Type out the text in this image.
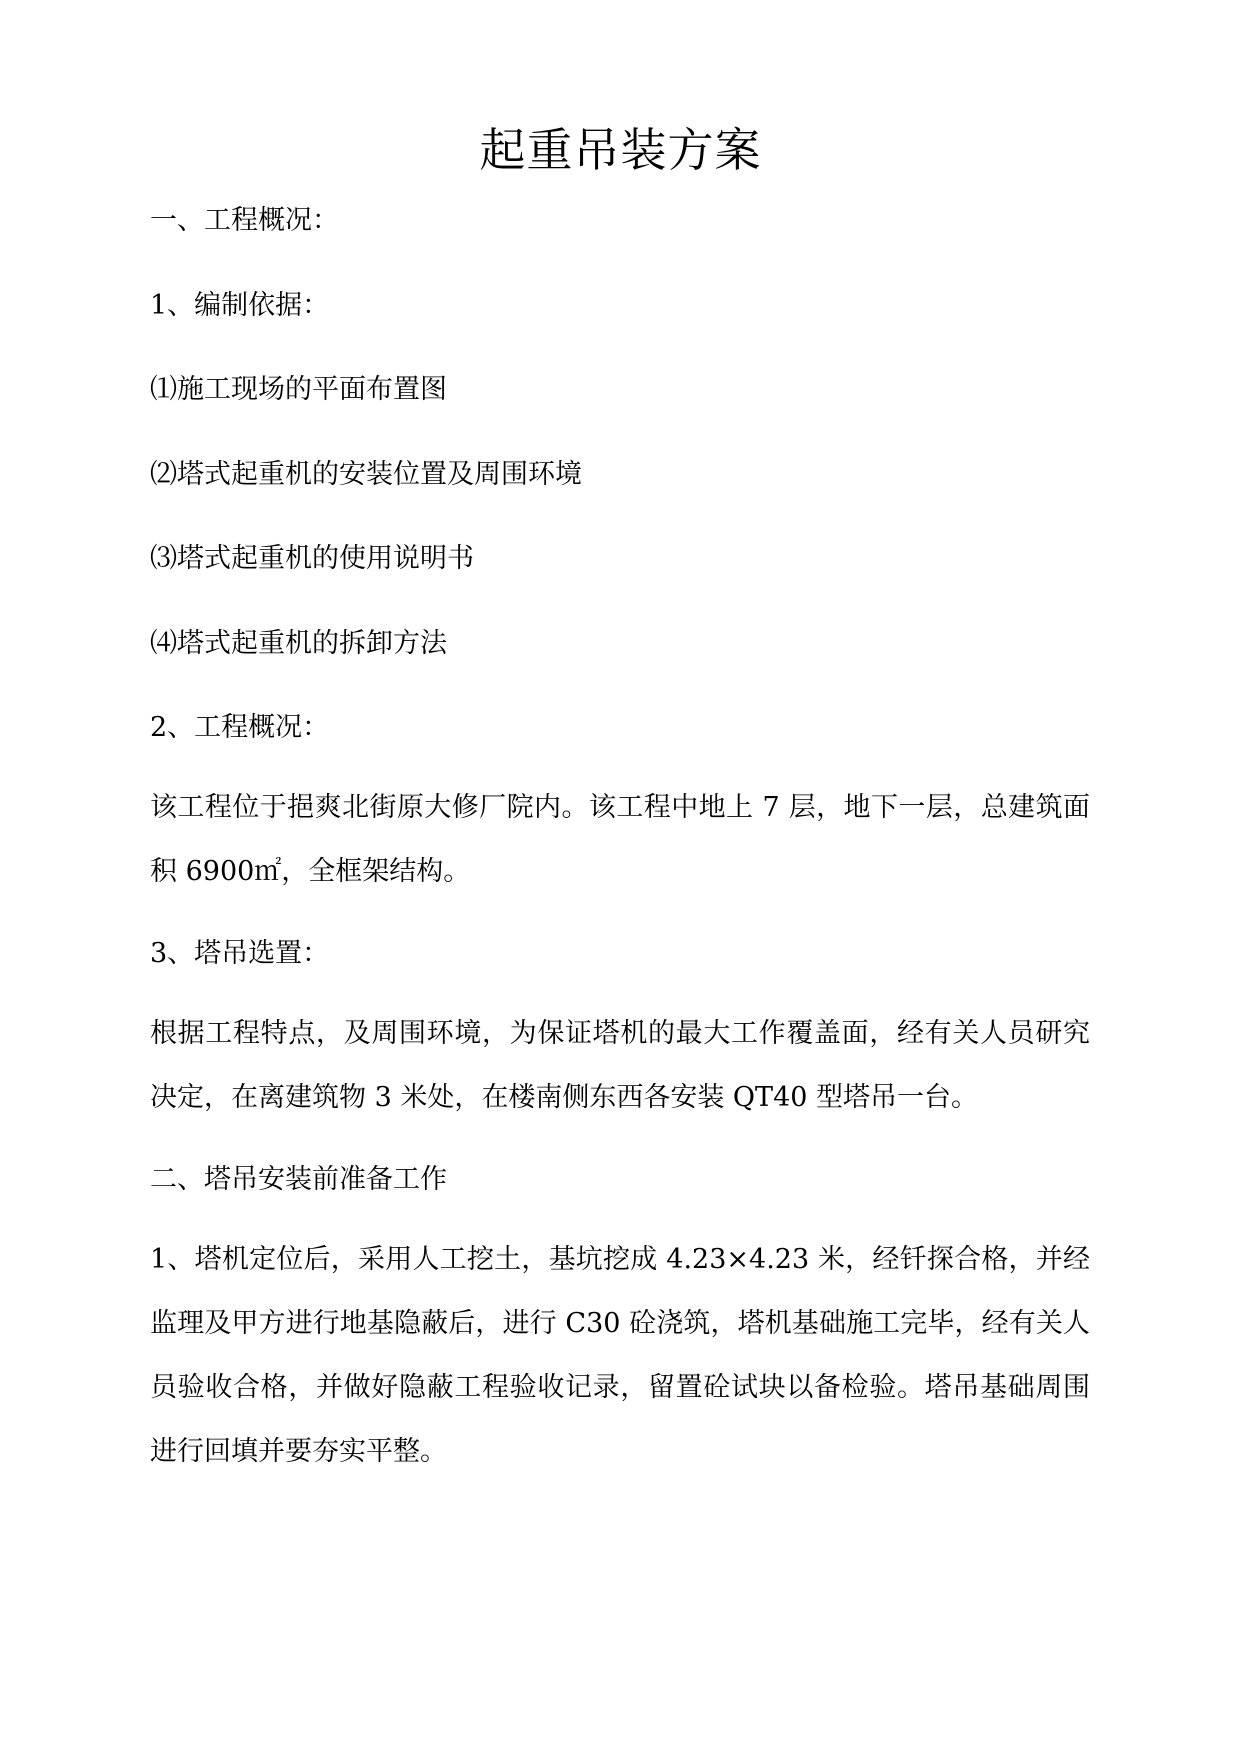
起重吊装方案
一、工程概况：
1、编制依据：
⑴施工现场的平面布置图
⑵塔式起重机的安装位置及周围环境
⑶塔式起重机的使用说明书
⑷塔式起重机的拆卸方法
2、工程概况：
该工程位于挹爽北街原大修厂院内。该工程中地上 7 层，地下一层，总建筑面积 6900㎡，全框架结构。
3、塔吊选置：
根据工程特点，及周围环境，为保证塔机的最大工作覆盖面，经有关人员研究决定，在离建筑物 3 米处，在楼南侧东西各安装 QT40 型塔吊一台。
二、塔吊安装前准备工作
1、塔机定位后，采用人工挖土，基坑挖成 4.23×4.23 米，经钎探合格，并经监理及甲方进行地基隐蔽后，进行 C30 砼浇筑，塔机基础施工完毕，经有关人员验收合格，并做好隐蔽工程验收记录，留置砼试块以备检验。塔吊基础周围进行回填并要夯实平整。
